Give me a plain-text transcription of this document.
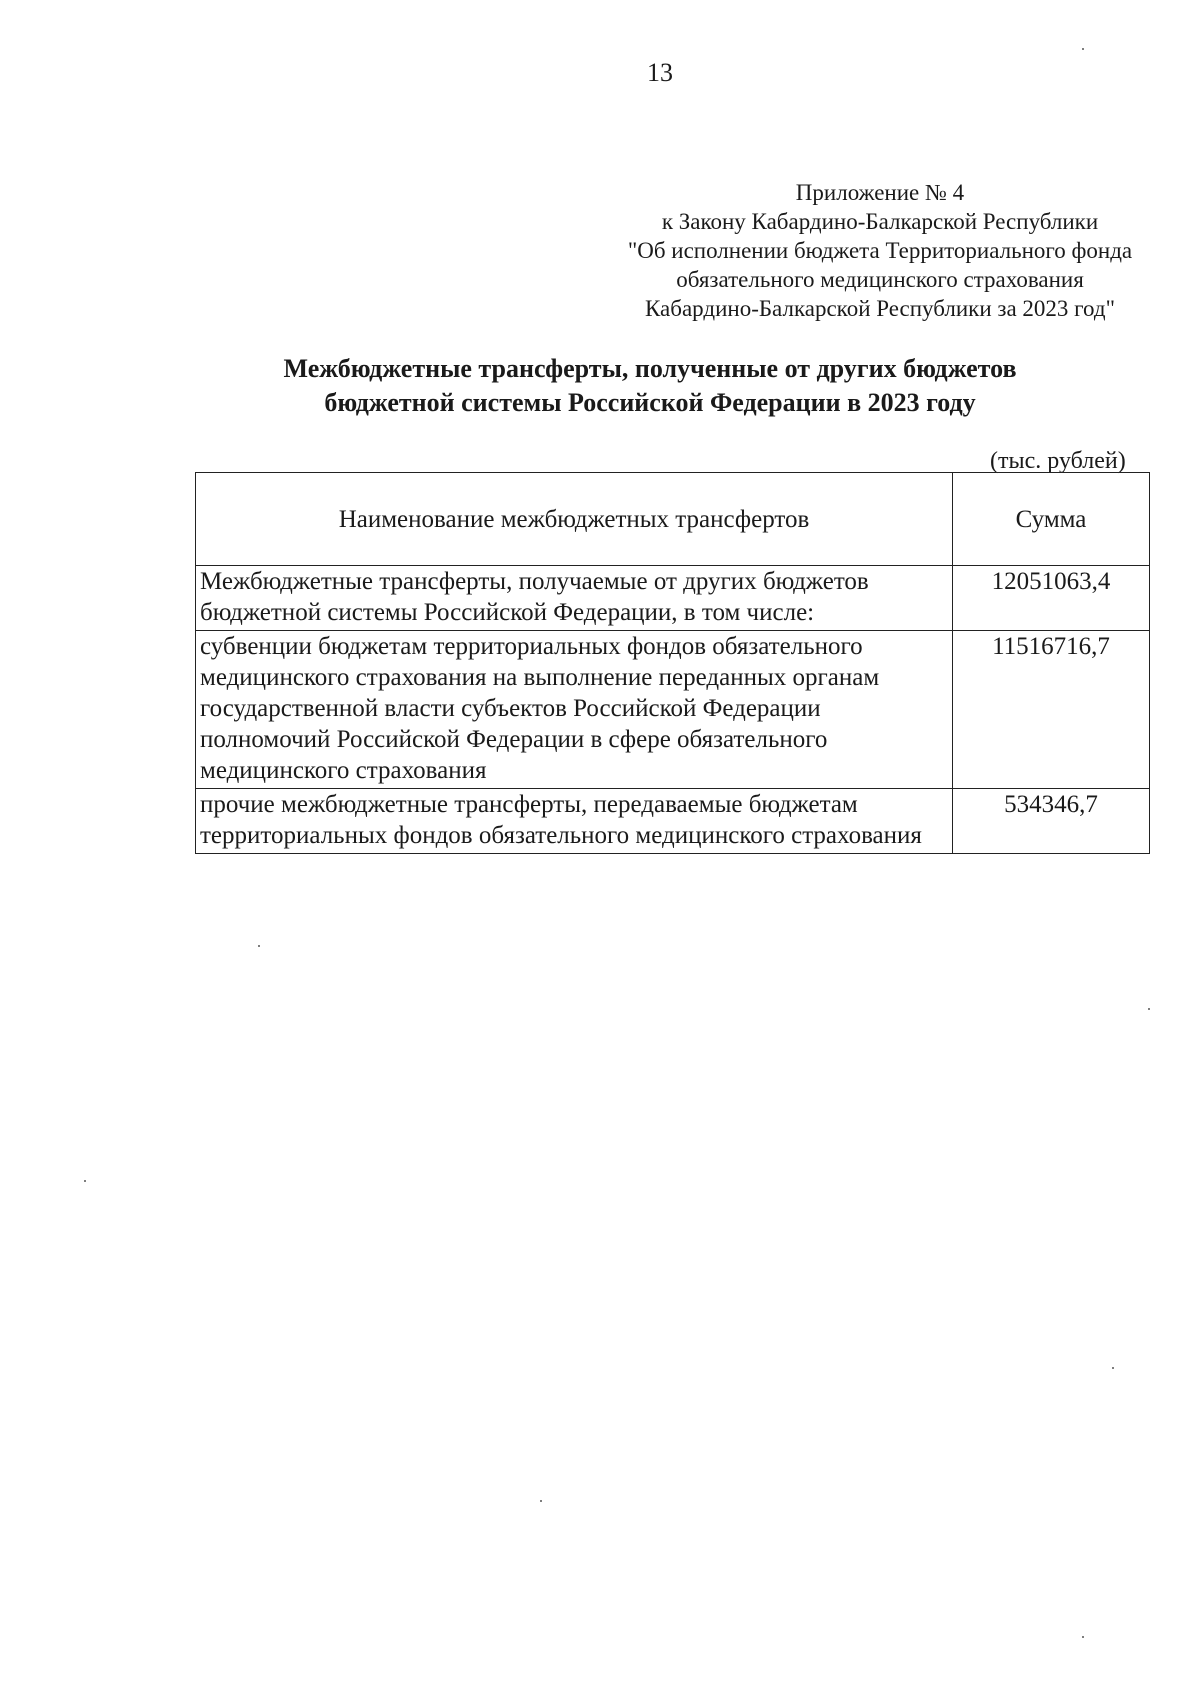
13
Приложение № 4
к Закону Кабардино-Балкарской Республики
"Об исполнении бюджета Территориального фонда
обязательного медицинского страхования
Кабардино-Балкарской Республики за 2023 год"
Межбюджетные трансферты, полученные от других бюджетов
бюджетной системы Российской Федерации в 2023 году
(тыс. рублей)
Наименование межбюджетных трансфертов	Сумма
Межбюджетные трансферты, получаемые от других бюджетов бюджетной системы Российской Федерации, в том числе:	12051063,4
субвенции бюджетам территориальных фондов обязательного медицинского страхования на выполнение переданных органам государственной власти субъектов Российской Федерации полномочий Российской Федерации в сфере обязательного медицинского страхования	11516716,7
прочие межбюджетные трансферты, передаваемые бюджетам территориальных фондов обязательного медицинского страхования	534346,7
